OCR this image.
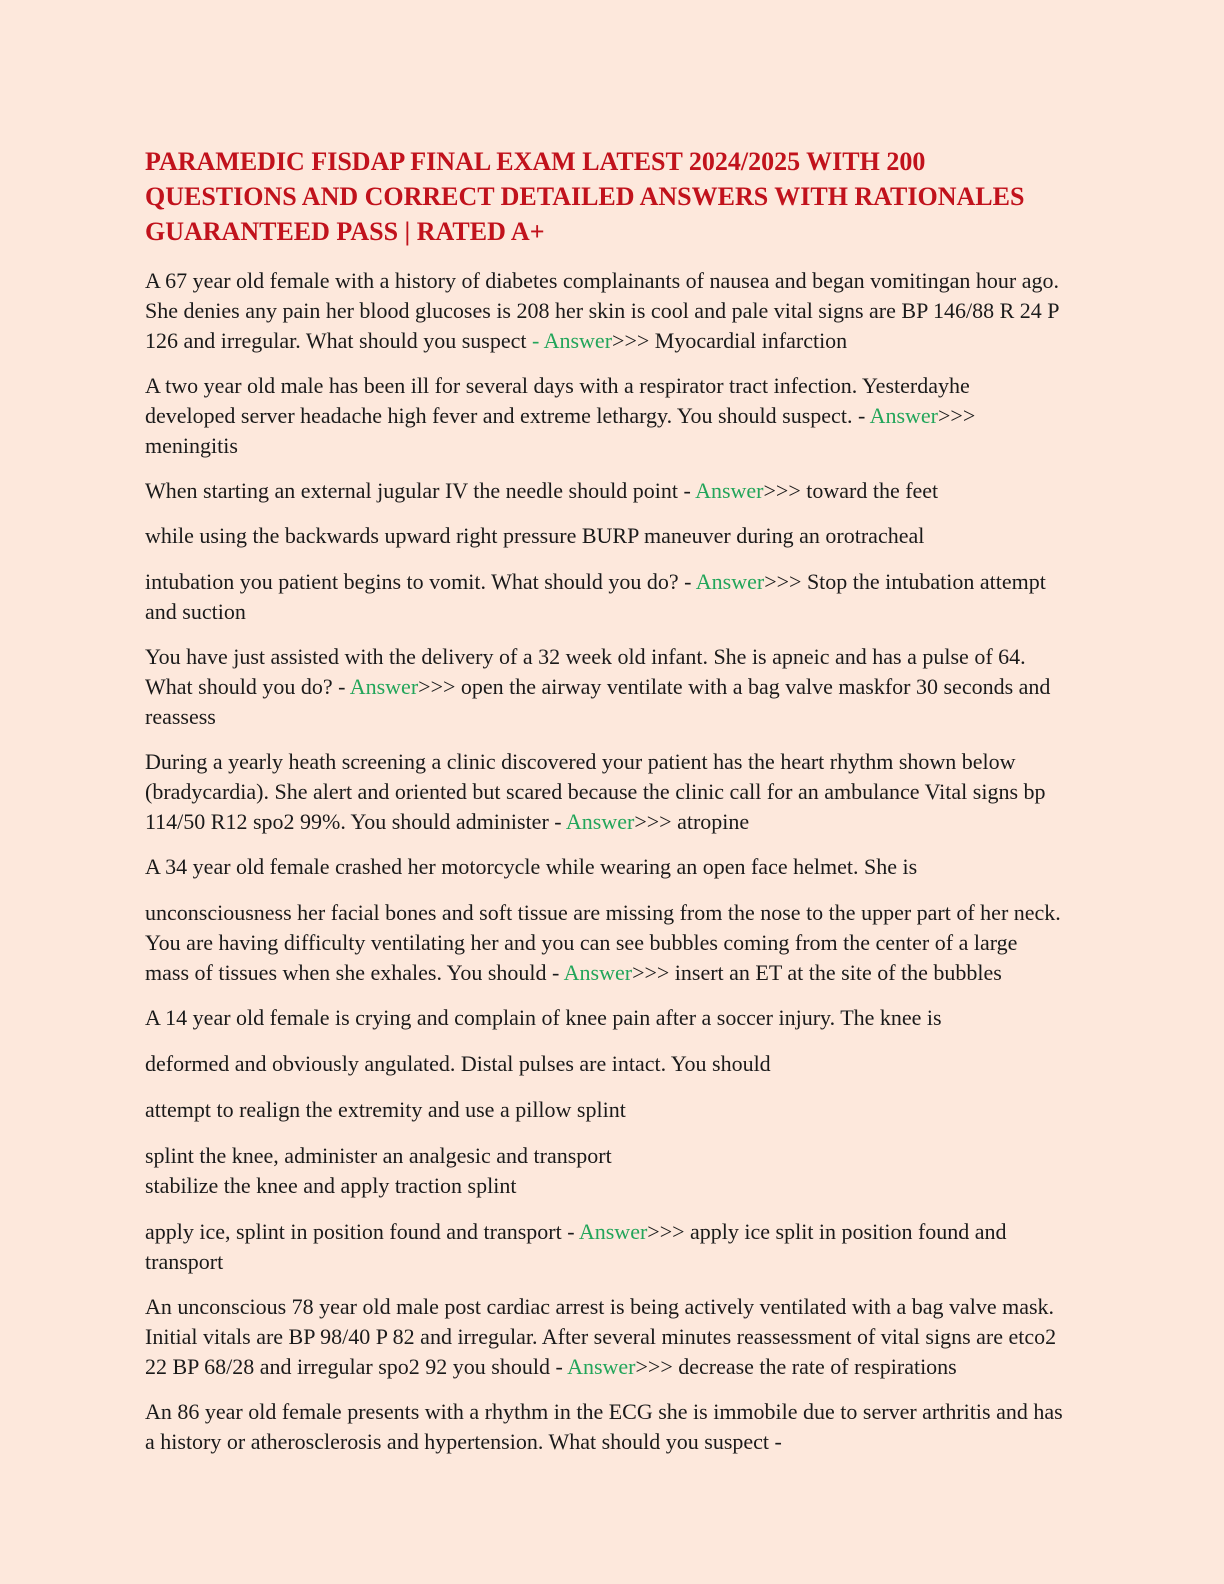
PARAMEDIC FISDAP FINAL EXAM LATEST 2024/2025 WITH 200 QUESTIONS AND CORRECT DETAILED ANSWERS WITH RATIONALES GUARANTEED PASS | RATED A+

A 67 year old female with a history of diabetes complainants of nausea and began vomitingan hour ago. She denies any pain her blood glucoses is 208 her skin is cool and pale vital signs are BP 146/88 R 24 P 126 and irregular. What should you suspect - Answer>>> Myocardial infarction

A two year old male has been ill for several days with a respirator tract infection. Yesterdayhe developed server headache high fever and extreme lethargy. You should suspect. - Answer>>> meningitis

When starting an external jugular IV the needle should point - Answer>>> toward the feet

while using the backwards upward right pressure BURP maneuver during an orotracheal

intubation you patient begins to vomit. What should you do? - Answer>>> Stop the intubation attempt and suction

You have just assisted with the delivery of a 32 week old infant. She is apneic and has a pulse of 64. What should you do? - Answer>>> open the airway ventilate with a bag valve maskfor 30 seconds and reassess

During a yearly heath screening a clinic discovered your patient has the heart rhythm shown below (bradycardia). She alert and oriented but scared because the clinic call for an ambulance Vital signs bp 114/50 R12 spo2 99%. You should administer - Answer>>> atropine

A 34 year old female crashed her motorcycle while wearing an open face helmet. She is

unconsciousness her facial bones and soft tissue are missing from the nose to the upper part of her neck. You are having difficulty ventilating her and you can see bubbles coming from the center of a large mass of tissues when she exhales. You should - Answer>>> insert an ET at the site of the bubbles

A 14 year old female is crying and complain of knee pain after a soccer injury. The knee is

deformed and obviously angulated. Distal pulses are intact. You should

attempt to realign the extremity and use a pillow splint

splint the knee, administer an analgesic and transport

stabilize the knee and apply traction splint

apply ice, splint in position found and transport - Answer>>> apply ice split in position found and transport

An unconscious 78 year old male post cardiac arrest is being actively ventilated with a bag valve mask. Initial vitals are BP 98/40 P 82 and irregular. After several minutes reassessment of vital signs are etco2 22 BP 68/28 and irregular spo2 92 you should - Answer>>> decrease the rate of respirations

An 86 year old female presents with a rhythm in the ECG she is immobile due to server arthritis and has a history or atherosclerosis and hypertension. What should you suspect -
